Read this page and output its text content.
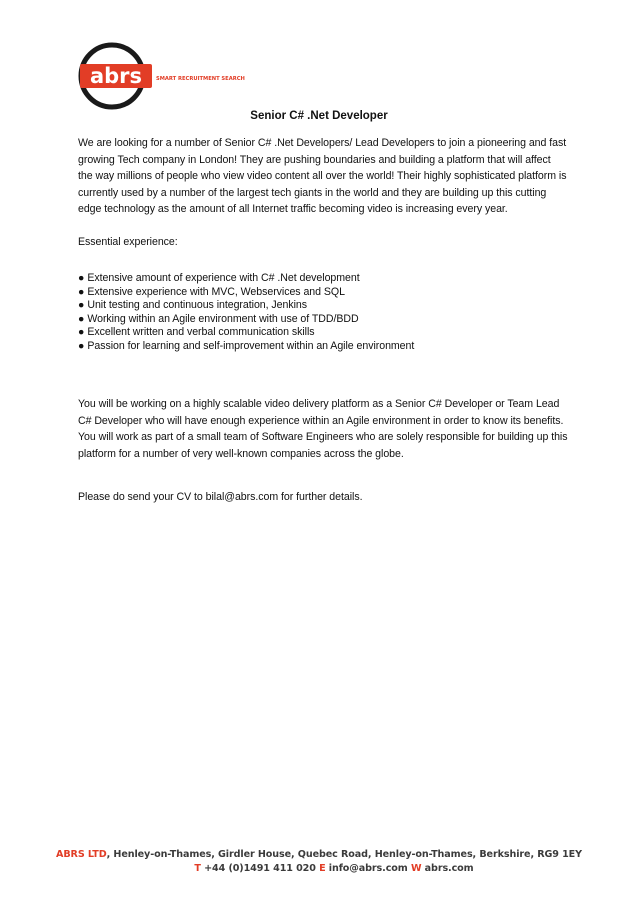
abrs	SMART RECRUITMENT SEARCH
Senior C# .Net Developer
We are looking for a number of Senior C# .Net Developers/ Lead Developers to join a pioneering and fast growing Tech company in London! They are pushing boundaries and building a platform that will affect the way millions of people who view video content all over the world! Their highly sophisticated platform is currently used by a number of the largest tech giants in the world and they are building up this cutting edge technology as the amount of all Internet traffic becoming video is increasing every year.
Essential experience:
● Extensive amount of experience with C# .Net development
● Extensive experience with MVC, Webservices and SQL
● Unit testing and continuous integration, Jenkins
● Working within an Agile environment with use of TDD/BDD
● Excellent written and verbal communication skills
● Passion for learning and self-improvement within an Agile environment
You will be working on a highly scalable video delivery platform as a Senior C# Developer or Team Lead C# Developer who will have enough experience within an Agile environment in order to know its benefits. You will work as part of a small team of Software Engineers who are solely responsible for building up this platform for a number of very well-known companies across the globe.
Please do send your CV to bilal@abrs.com for further details.
ABRS LTD, Henley-on-Thames, Girdler House, Quebec Road, Henley-on-Thames, Berkshire, RG9 1EY
T +44 (0)1491 411 020 E info@abrs.com W abrs.com
